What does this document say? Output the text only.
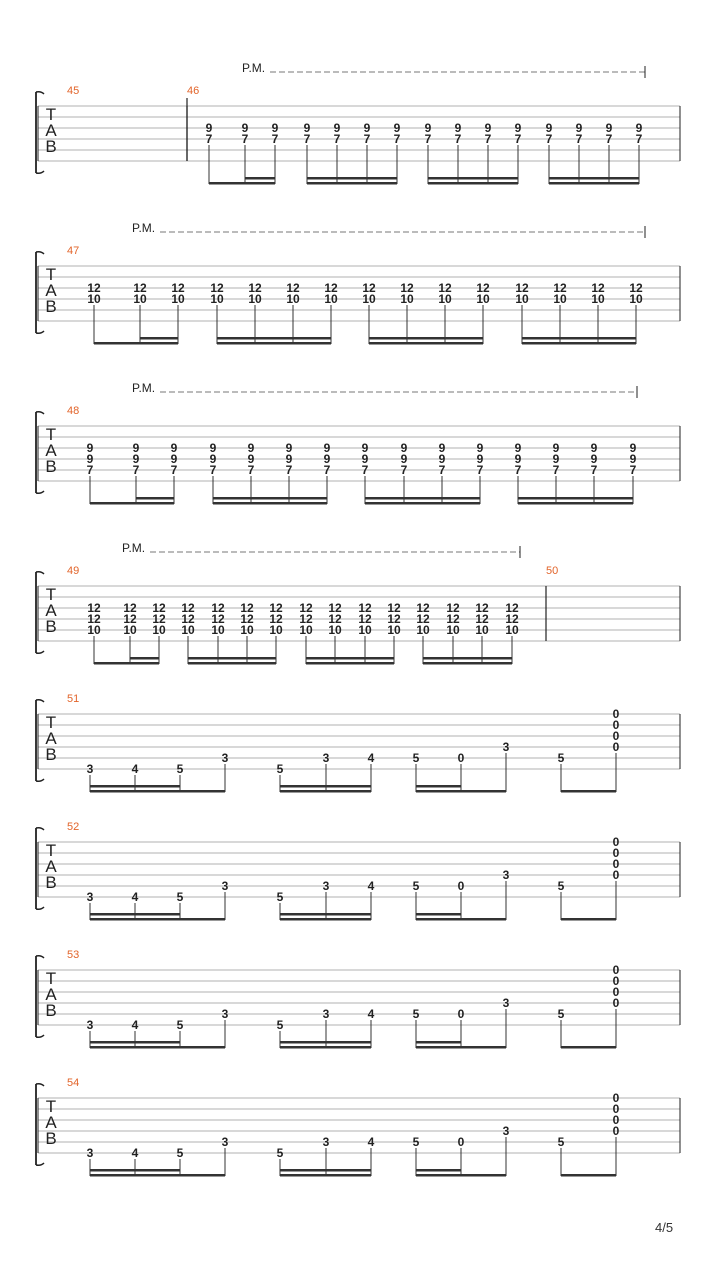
T
A
B
45	46
P.M.
9
7
9
7
9
7
9
7
9
7
9
7
9
7
9
7
9
7
9
7
9
7
9
7
9
7
9
7
9
7
T
A
B
47
P.M.
12
10
12
10
12
10
12
10
12
10
12
10
12
10
12
10
12
10
12
10
12
10
12
10
12
10
12
10
12
10
T
A
B
48
P.M.
9
9
7
9
9
7
9
9
7
9
9
7
9
9
7
9
9
7
9
9
7
9
9
7
9
9
7
9
9
7
9
9
7
9
9
7
9
9
7
9
9
7
9
9
7
T
A
B
49	50
P.M.
12
12
10
12
12
10
12
12
10
12
12
10
12
12
10
12
12
10
12
12
10
12
12
10
12
12
10
12
12
10
12
12
10
12
12
10
12
12
10
12
12
10
12
12
10
T
A
B
51
3	4	5
3
5
3	4	5	0
3
5
0
0
0
0
T
A
B
52
3	4	5
3
5
3	4	5	0
3
5
0
0
0
0
T
A
B
53
3	4	5
3
5
3	4	5	0
3
5
0
0
0
0
T
A
B
54
3	4	5
3
5
3	4	5	0
3
5
0
0
0
0
4/5
